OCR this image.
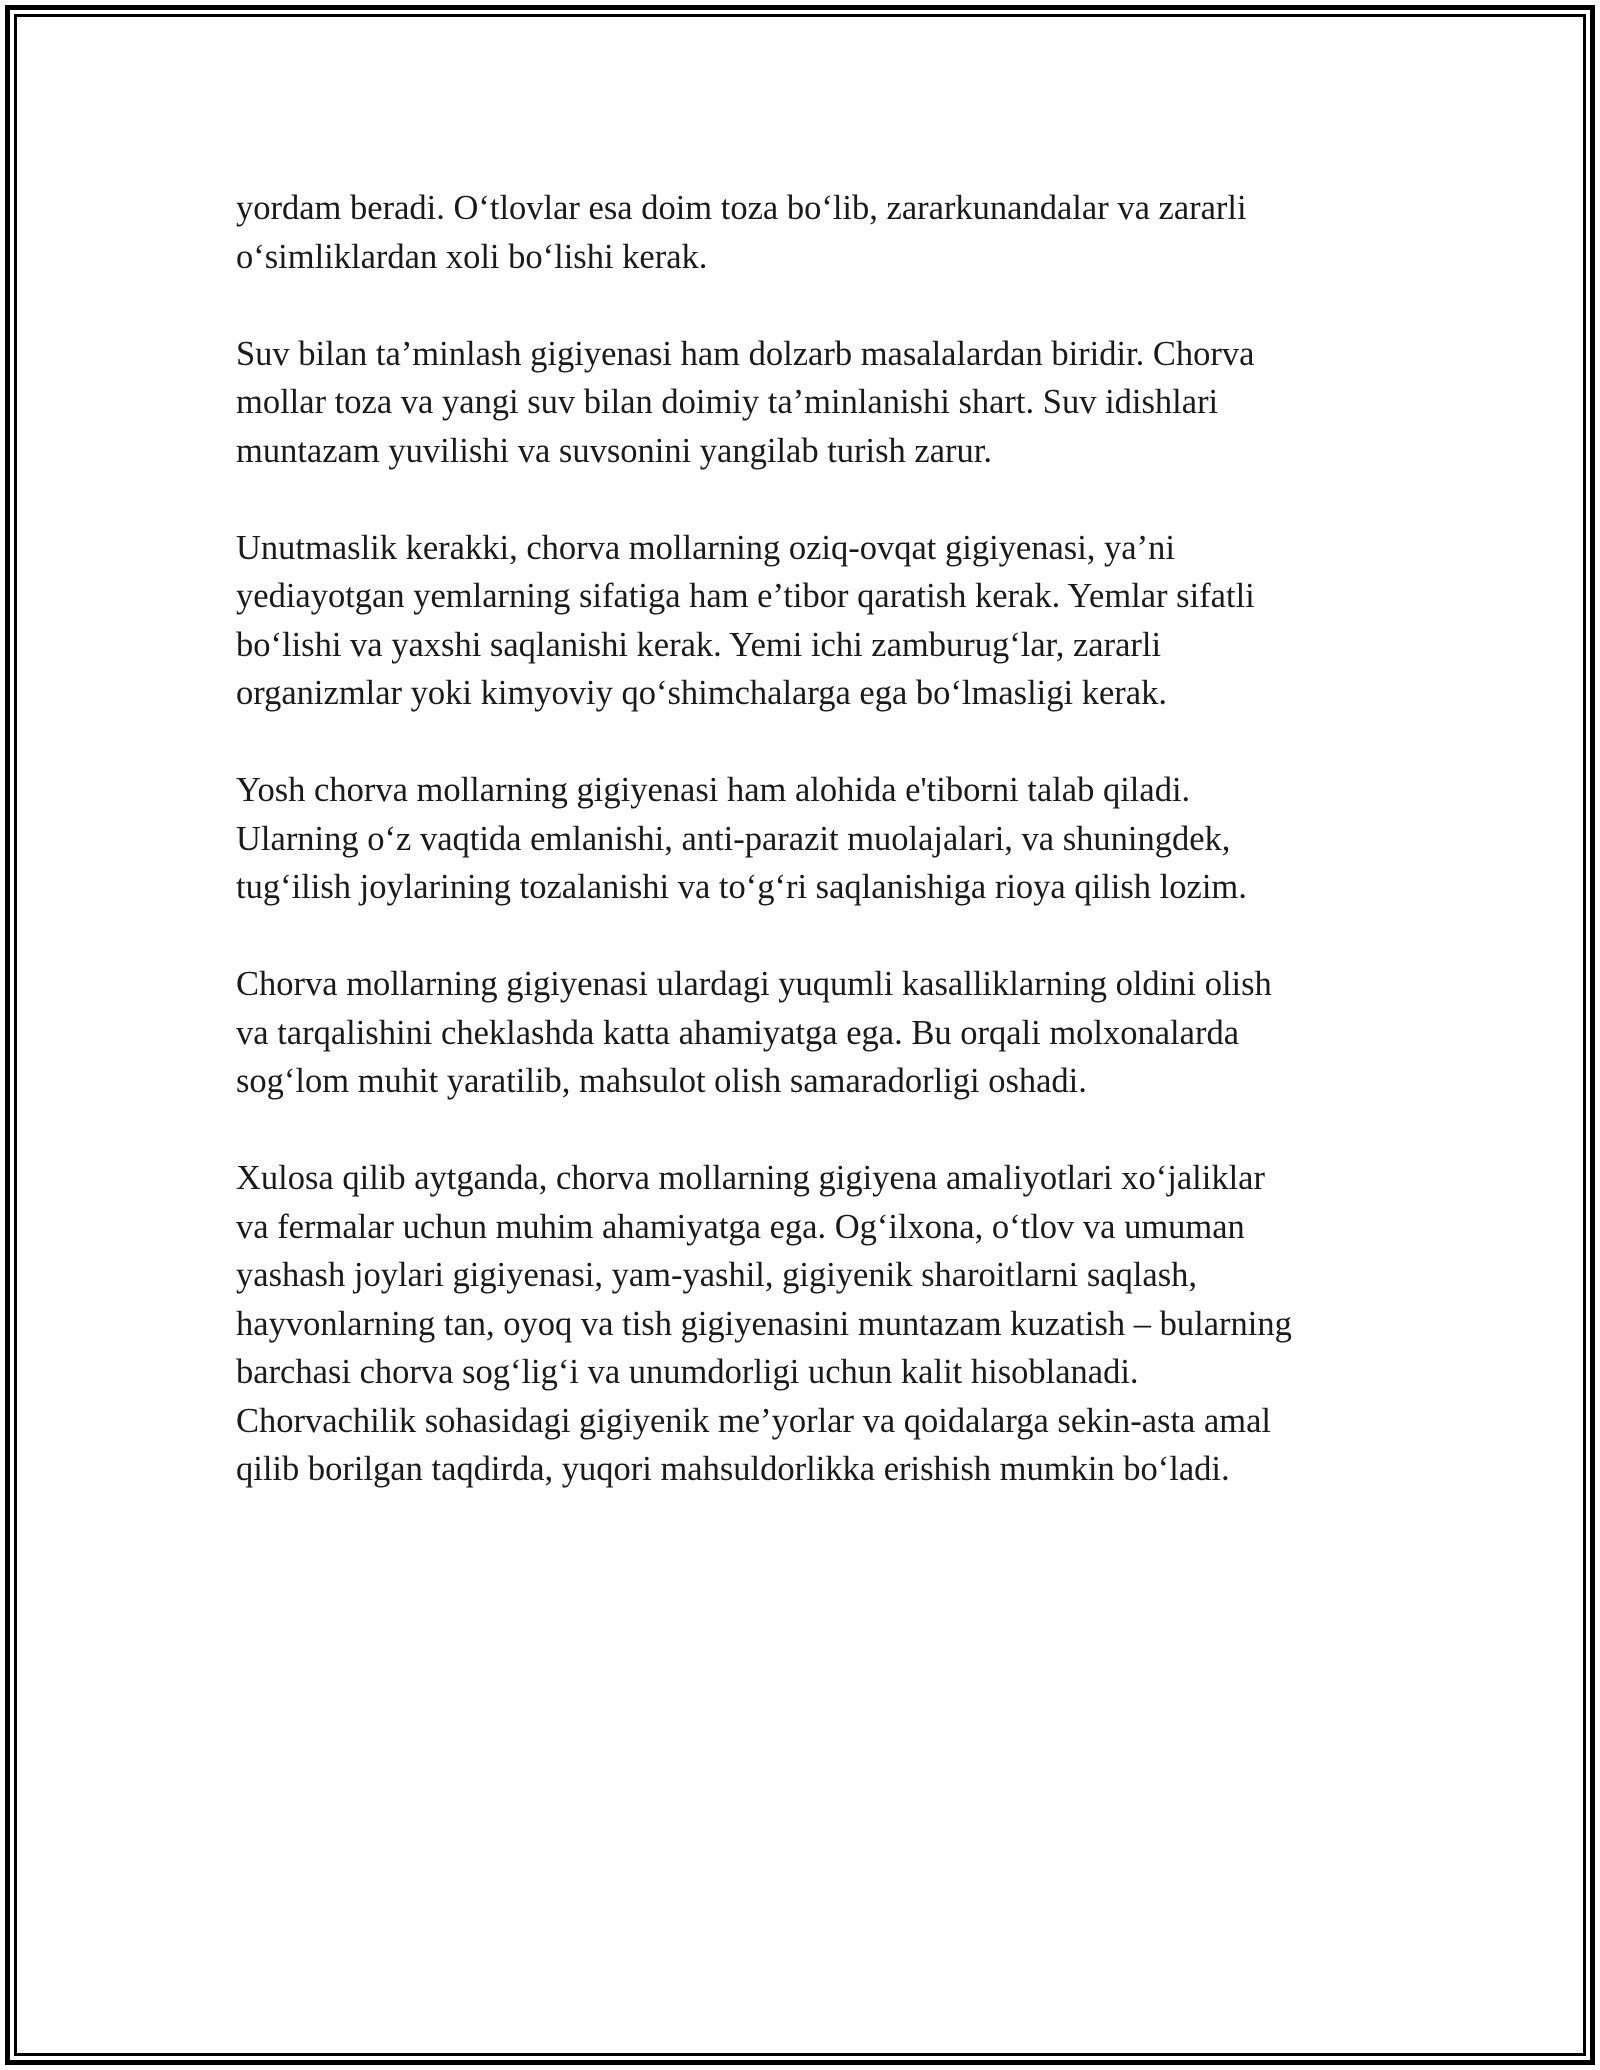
yordam beradi. O‘tlovlar esa doim toza bo‘lib, zararkunandalar va zararli
o‘simliklardan xoli bo‘lishi kerak.

Suv bilan ta’minlash gigiyenasi ham dolzarb masalalardan biridir. Chorva
mollar toza va yangi suv bilan doimiy ta’minlanishi shart. Suv idishlari
muntazam yuvilishi va suvsonini yangilab turish zarur.

Unutmaslik kerakki, chorva mollarning oziq-ovqat gigiyenasi, ya’ni
yediayotgan yemlarning sifatiga ham e’tibor qaratish kerak. Yemlar sifatli
bo‘lishi va yaxshi saqlanishi kerak. Yemi ichi zamburug‘lar, zararli
organizmlar yoki kimyoviy qo‘shimchalarga ega bo‘lmasligi kerak.

Yosh chorva mollarning gigiyenasi ham alohida e'tiborni talab qiladi.
Ularning o‘z vaqtida emlanishi, anti-parazit muolajalari, va shuningdek,
tug‘ilish joylarining tozalanishi va to‘g‘ri saqlanishiga rioya qilish lozim.

Chorva mollarning gigiyenasi ulardagi yuqumli kasalliklarning oldini olish
va tarqalishini cheklashda katta ahamiyatga ega. Bu orqali molxonalarda
sog‘lom muhit yaratilib, mahsulot olish samaradorligi oshadi.

Xulosa qilib aytganda, chorva mollarning gigiyena amaliyotlari xo‘jaliklar
va fermalar uchun muhim ahamiyatga ega. Og‘ilxona, o‘tlov va umuman
yashash joylari gigiyenasi, yam-yashil, gigiyenik sharoitlarni saqlash,
hayvonlarning tan, oyoq va tish gigiyenasini muntazam kuzatish – bularning
barchasi chorva sog‘lig‘i va unumdorligi uchun kalit hisoblanadi.
Chorvachilik sohasidagi gigiyenik me’yorlar va qoidalarga sekin-asta amal
qilib borilgan taqdirda, yuqori mahsuldorlikka erishish mumkin bo‘ladi.
